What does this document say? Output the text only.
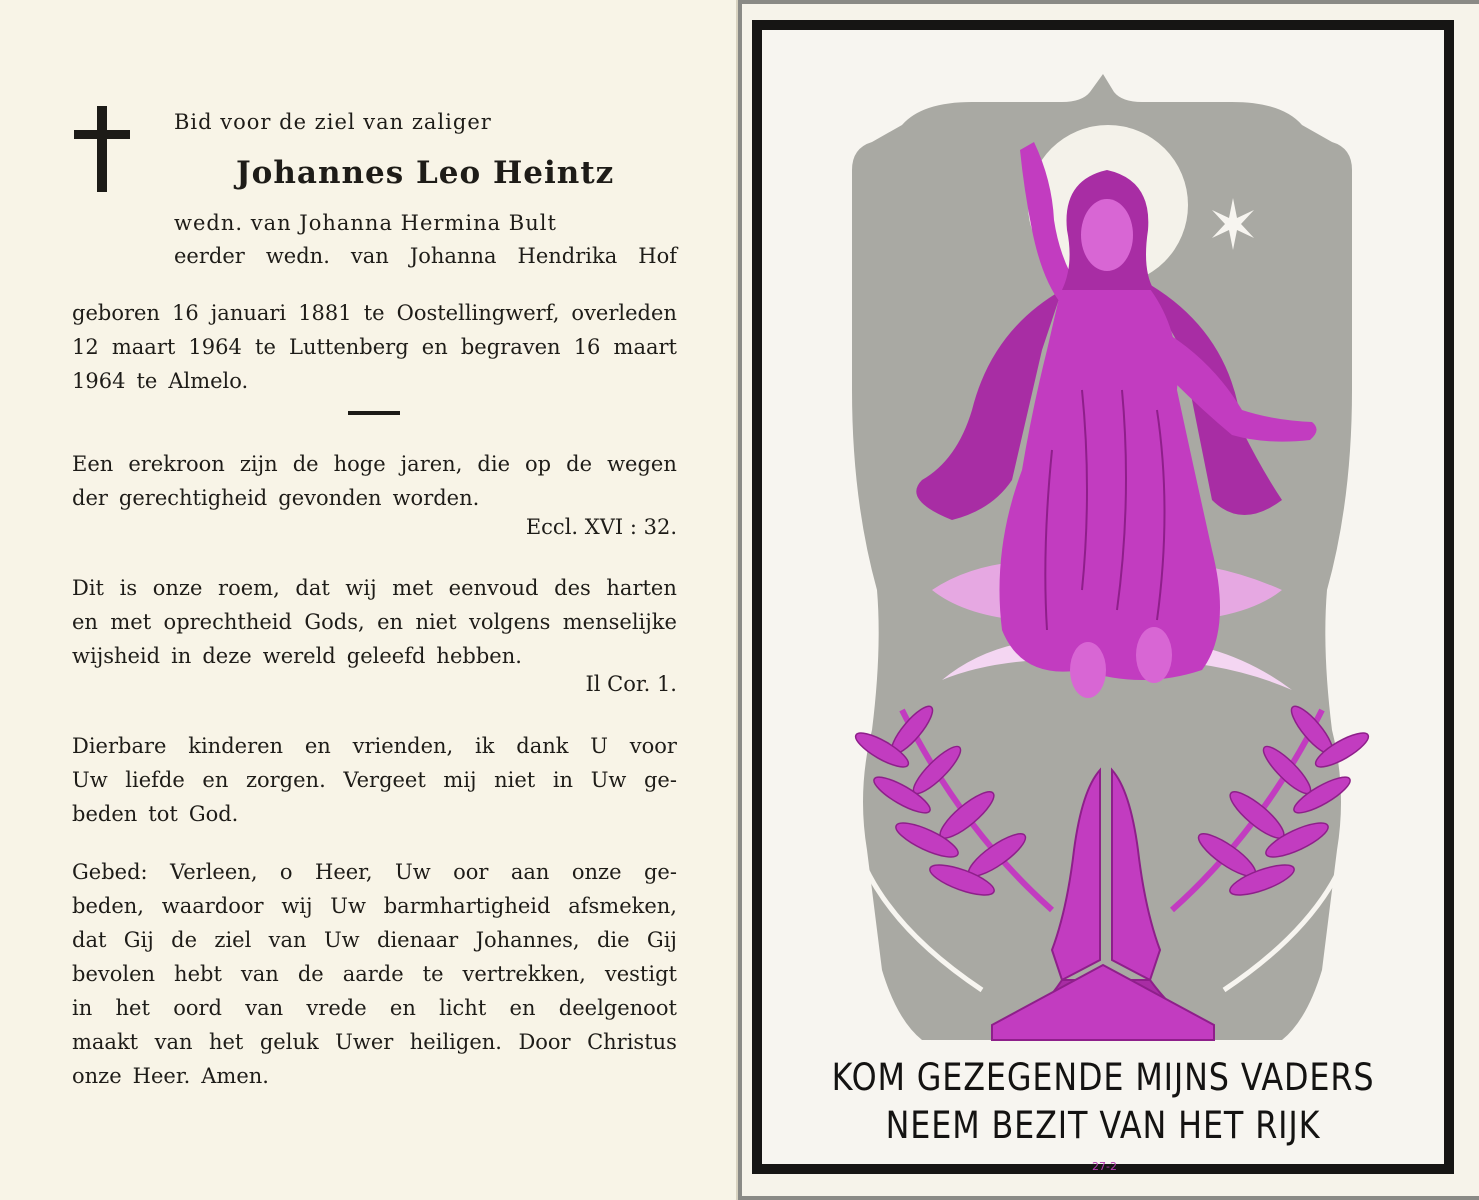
Bid voor de ziel van zaliger
Johannes Leo Heintz
wedn. van Johanna Hermina Bult
eerder wedn. van Johanna Hendrika Hof
geboren 16 januari 1881 te Oostellingwerf, overleden
12 maart 1964 te Luttenberg en begraven 16 maart
1964 te Almelo.
Een erekroon zijn de hoge jaren, die op de wegen
der gerechtigheid gevonden worden.
Eccl. XVI : 32.
Dit is onze roem, dat wij met eenvoud des harten
en met oprechtheid Gods, en niet volgens menselijke
wijsheid in deze wereld geleefd hebben.
Il Cor. 1.
Dierbare kinderen en vrienden, ik dank U voor
Uw liefde en zorgen. Vergeet mij niet in Uw ge-
beden tot God.
Gebed: Verleen, o Heer, Uw oor aan onze ge-
beden, waardoor wij Uw barmhartigheid afsmeken,
dat Gij de ziel van Uw dienaar Johannes, die Gij
bevolen hebt van de aarde te vertrekken, vestigt
in het oord van vrede en licht en deelgenoot
maakt van het geluk Uwer heiligen. Door Christus
onze Heer. Amen.	KOM GEZEGENDE MIJNS VADERS
NEEM BEZIT VAN HET RIJK
27-2
